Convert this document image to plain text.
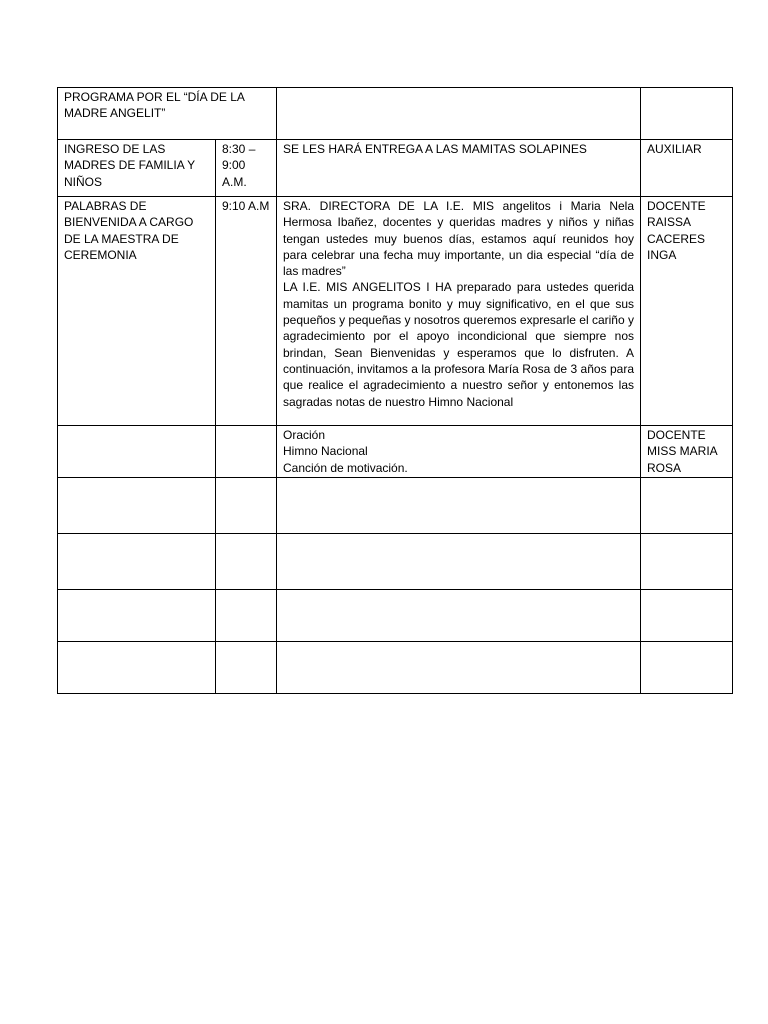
PROGRAMA POR EL “DÍA DE LA MADRE ANGELIT”			
INGRESO DE LAS MADRES DE FAMILIA Y NIÑOS	8:30 – 9:00 A.M.	SE LES HARÁ ENTREGA A LAS MAMITAS SOLAPINES	AUXILIAR
PALABRAS DE BIENVENIDA A CARGO DE LA MAESTRA DE CEREMONIA	9:10 A.M	SRA. DIRECTORA DE LA I.E. MIS angelitos i Maria Nela Hermosa Ibañez, docentes y queridas madres y niños y niñas tengan ustedes muy buenos días, estamos aquí reunidos hoy para celebrar una fecha muy importante, un dia especial “día de las madres”
LA I.E. MIS ANGELITOS I HA preparado para ustedes querida mamitas un programa bonito y muy significativo, en el que sus pequeños y pequeñas y nosotros queremos expresarle el cariño y agradecimiento por el apoyo incondicional que siempre nos brindan, Sean Bienvenidas y esperamos que lo disfruten. A continuación, invitamos a la profesora María Rosa de 3 años para que realice el agradecimiento a nuestro señor y entonemos las sagradas notas de nuestro Himno Nacional	DOCENTE RAISSA CACERES INGA

		Oración
Himno Nacional
Canción de motivación.	DOCENTE MISS MARIA ROSA
